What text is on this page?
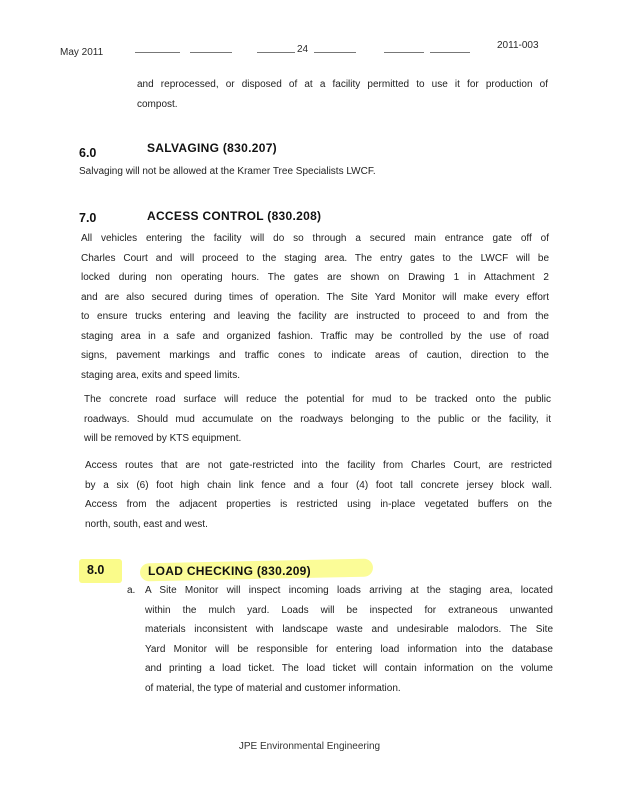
May 2011	24	2011-003
and reprocessed, or disposed of at a facility permitted to use it for production of
compost.
6.0	SALVAGING (830.207)
Salvaging will not be allowed at the Kramer Tree Specialists LWCF.
7.0	ACCESS CONTROL (830.208)
All vehicles entering the facility will do so through a secured main entrance gate off of
Charles Court and will proceed to the staging area. The entry gates to the LWCF will be
locked during non operating hours. The gates are shown on Drawing 1 in Attachment 2
and are also secured during times of operation. The Site Yard Monitor will make every effort
to ensure trucks entering and leaving the facility are instructed to proceed to and from the
staging area in a safe and organized fashion. Traffic may be controlled by the use of road
signs, pavement markings and traffic cones to indicate areas of caution, direction to the
staging area, exits and speed limits.
The concrete road surface will reduce the potential for mud to be tracked onto the public
roadways. Should mud accumulate on the roadways belonging to the public or the facility, it
will be removed by KTS equipment.
Access routes that are not gate-restricted into the facility from Charles Court, are restricted
by a six (6) foot high chain link fence and a four (4) foot tall concrete jersey block wall.
Access from the adjacent properties is restricted using in-place vegetated buffers on the
north, south, east and west.
8.0	LOAD CHECKING (830.209)
a. A Site Monitor will inspect incoming loads arriving at the staging area, located
within the mulch yard. Loads will be inspected for extraneous unwanted
materials inconsistent with landscape waste and undesirable malodors. The Site
Yard Monitor will be responsible for entering load information into the database
and printing a load ticket. The load ticket will contain information on the volume
of material, the type of material and customer information.
JPE Environmental Engineering
